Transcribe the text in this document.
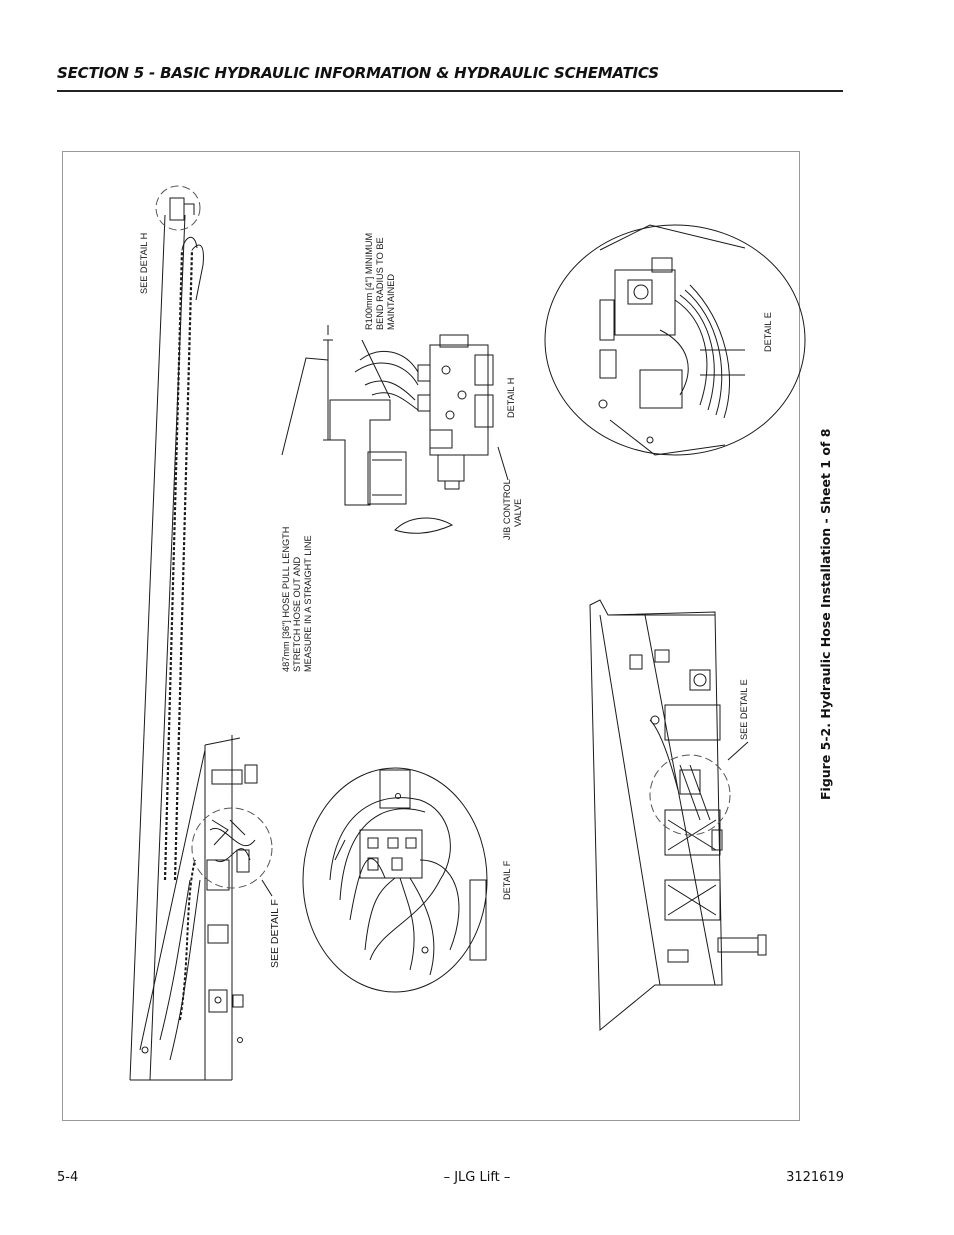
SECTION 5 - BASIC HYDRAULIC INFORMATION & HYDRAULIC SCHEMATICS
SEE DETAIL H	R100mm [4"] MINIMUM BEND RADIUS TO BE MAINTAINED
DETAIL H
JIB CONTROL VALVE
DETAIL E
487mm [36"] HOSE PULL LENGTH STRETCH HOSE OUT AND MEASURE IN A STRAIGHT LINE
SEE DETAIL E
DETAIL F
SEE DETAIL F
Figure 5-2. Hydraulic Hose Installation - Sheet 1 of 8
5-4	– JLG Lift –	3121619
